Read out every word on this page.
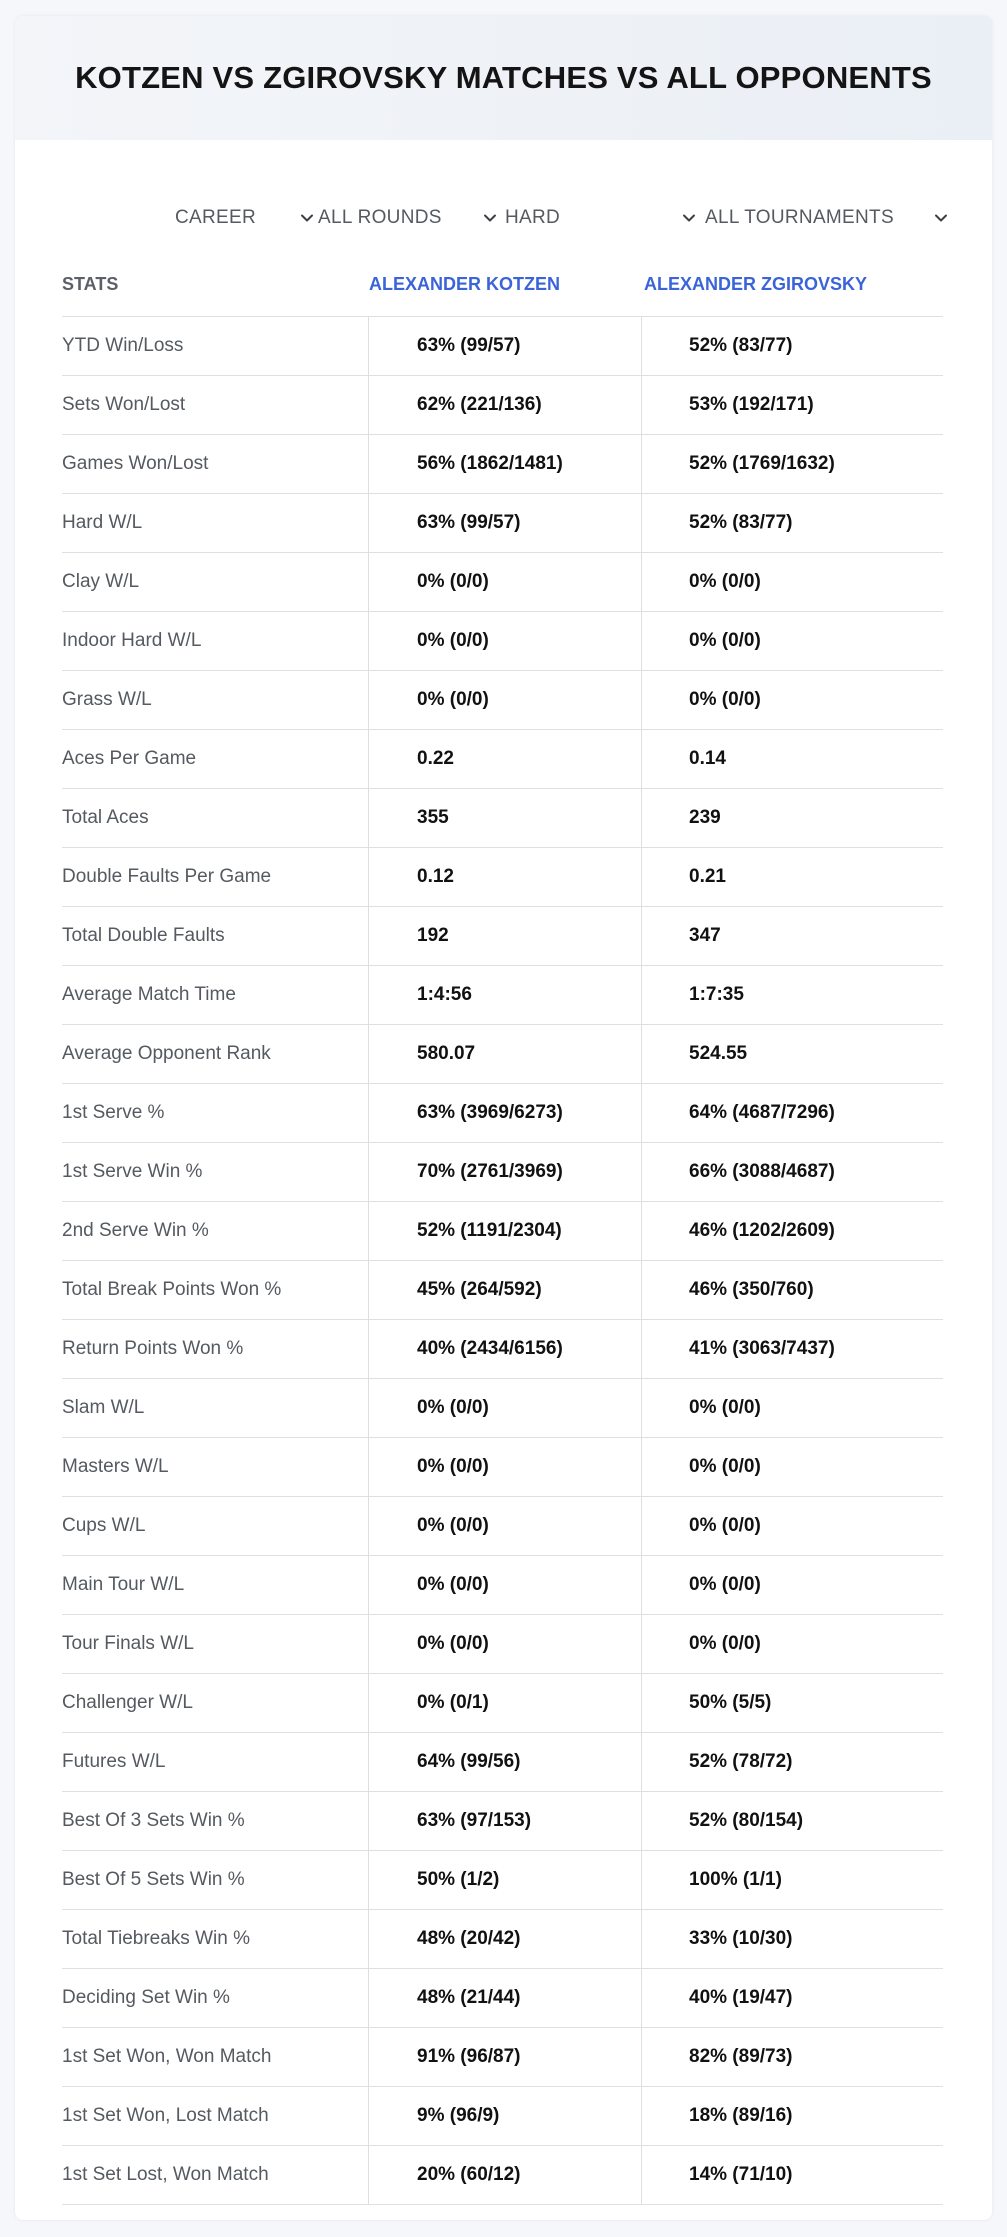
KOTZEN VS ZGIROVSKY MATCHES VS ALL OPPONENTS
CAREER	ALL ROUNDS	HARD	ALL TOURNAMENTS
STATS	ALEXANDER KOTZEN	ALEXANDER ZGIROVSKY
YTD Win/Loss	63% (99/57)	52% (83/77)
Sets Won/Lost	62% (221/136)	53% (192/171)
Games Won/Lost	56% (1862/1481)	52% (1769/1632)
Hard W/L	63% (99/57)	52% (83/77)
Clay W/L	0% (0/0)	0% (0/0)
Indoor Hard W/L	0% (0/0)	0% (0/0)
Grass W/L	0% (0/0)	0% (0/0)
Aces Per Game	0.22	0.14
Total Aces	355	239
Double Faults Per Game	0.12	0.21
Total Double Faults	192	347
Average Match Time	1:4:56	1:7:35
Average Opponent Rank	580.07	524.55
1st Serve %	63% (3969/6273)	64% (4687/7296)
1st Serve Win %	70% (2761/3969)	66% (3088/4687)
2nd Serve Win %	52% (1191/2304)	46% (1202/2609)
Total Break Points Won %	45% (264/592)	46% (350/760)
Return Points Won %	40% (2434/6156)	41% (3063/7437)
Slam W/L	0% (0/0)	0% (0/0)
Masters W/L	0% (0/0)	0% (0/0)
Cups W/L	0% (0/0)	0% (0/0)
Main Tour W/L	0% (0/0)	0% (0/0)
Tour Finals W/L	0% (0/0)	0% (0/0)
Challenger W/L	0% (0/1)	50% (5/5)
Futures W/L	64% (99/56)	52% (78/72)
Best Of 3 Sets Win %	63% (97/153)	52% (80/154)
Best Of 5 Sets Win %	50% (1/2)	100% (1/1)
Total Tiebreaks Win %	48% (20/42)	33% (10/30)
Deciding Set Win %	48% (21/44)	40% (19/47)
1st Set Won, Won Match	91% (96/87)	82% (89/73)
1st Set Won, Lost Match	9% (96/9)	18% (89/16)
1st Set Lost, Won Match	20% (60/12)	14% (71/10)
